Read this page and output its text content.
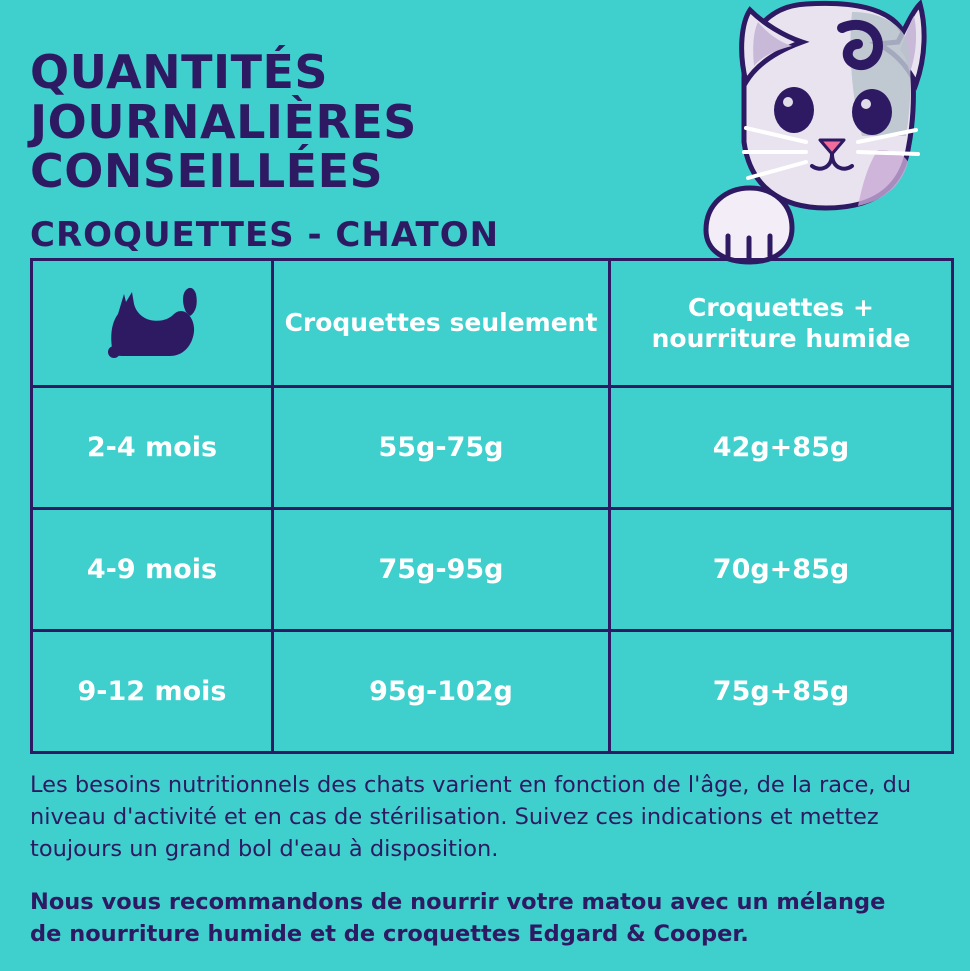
QUANTITÉS JOURNALIÈRES CONSEILLÉES
CROQUETTES - CHATON
	Croquettes seulement	Croquettes + nourriture humide
2-4 mois	55g-75g	42g+85g
4-9 mois	75g-95g	70g+85g
9-12 mois	95g-102g	75g+85g

Les besoins nutritionnels des chats varient en fonction de l'âge, de la race, du niveau d'activité et en cas de stérilisation. Suivez ces indications et mettez toujours un grand bol d'eau à disposition.

Nous vous recommandons de nourrir votre matou avec un mélange de nourriture humide et de croquettes Edgard & Cooper.
